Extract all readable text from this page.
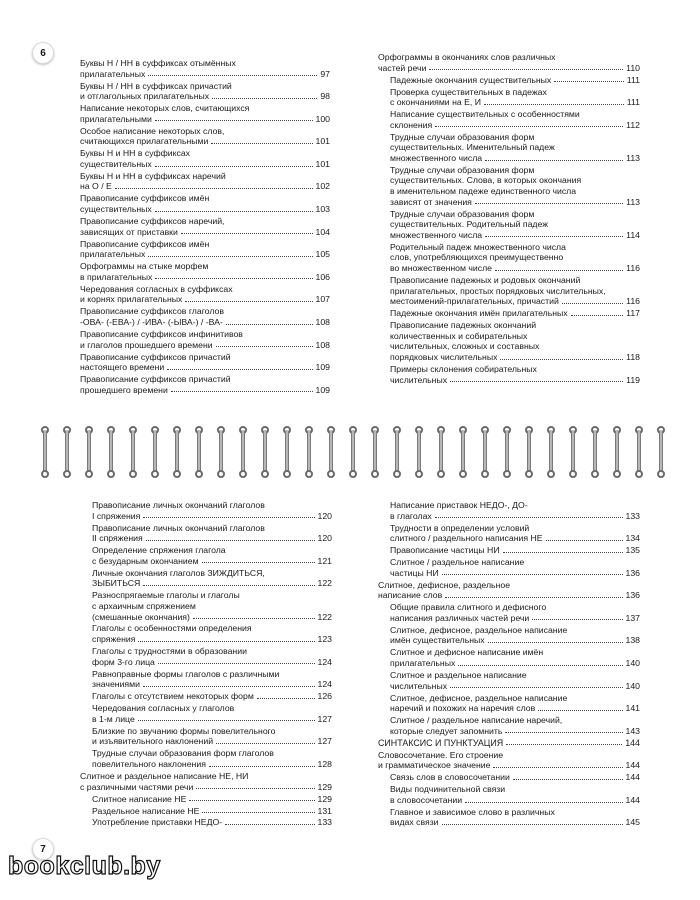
6
Буквы Н / НН в суффиксах отымённых
прилагательных	97
Буквы Н / НН в суффиксах причастий
и отглагольных прилагательных	98
Написание некоторых слов, считающихся
прилагательными	100
Особое написание некоторых слов,
считающихся прилагательными	101
Буквы Н и НН в суффиксах
существительных	101
Буквы Н и НН в суффиксах наречий
на О / Е	102
Правописание суффиксов имён
существительных	103
Правописание суффиксов наречий,
зависящих от приставки	104
Правописание суффиксов имён
прилагательных	105
Орфограммы на стыке морфем
в прилагательных	106
Чередования согласных в суффиксах
и корнях прилагательных	107
Правописание суффиксов глаголов
-ОВА- (-ЕВА-) / -ИВА- (-ЫВА-) / -ВА-	108
Правописание суффиксов инфинитивов
и глаголов прошедшего времени	108
Правописание суффиксов причастий
настоящего времени	109
Правописание суффиксов причастий
прошедшего времени	109
Орфограммы в окончаниях слов различных
частей речи	110
Падежные окончания существительных	111
Проверка существительных в падежах
с окончаниями на Е, И	111
Написание существительных с особенностями
склонения	112
Трудные случаи образования форм
существительных. Именительный падеж
множественного числа	113
Трудные случаи образования форм
существительных. Слова, в которых окончания
в именительном падеже единственного числа
зависят от значения	113
Трудные случаи образования форм
существительных. Родительный падеж
множественного числа	114
Родительный падеж множественного числа
слов, употребляющихся преимущественно
во множественном числе	116
Правописание падежных и родовых окончаний
прилагательных, простых порядковых числительных,
местоимений-прилагательных, причастий	116
Падежные окончания имён прилагательных	117
Правописание падежных окончаний
количественных и собирательных
числительных, сложных и составных
порядковых числительных	118
Примеры склонения собирательных
числительных	119
Правописание личных окончаний глаголов
I спряжения	120
Правописание личных окончаний глаголов
II спряжения	120
Определение спряжения глагола
с безударным окончанием	121
Личные окончания глаголов ЗИЖДИТЬСЯ,
ЗЫБИТЬСЯ	122
Разноспрягаемые глаголы и глаголы
с архаичным спряжением
(смешанные окончания)	122
Глаголы с особенностями определения
спряжения	123
Глаголы с трудностями в образовании
форм 3-го лица	124
Равноправные формы глаголов с различными
значениями	124
Глаголы с отсутствием некоторых форм	126
Чередования согласных у глаголов
в 1-м лице	127
Близкие по звучанию формы повелительного
и изъявительного наклонений	127
Трудные случаи образования форм глаголов
повелительного наклонения	128
Слитное и раздельное написание НЕ, НИ
с различными частями речи	129
Слитное написание НЕ	129
Раздельное написание НЕ	131
Употребление приставки НЕДО-	133
Написание приставок НЕДО-, ДО-
в глаголах	133
Трудности в определении условий
слитного / раздельного написания НЕ	134
Правописание частицы НИ	135
Слитное / раздельное написание
частицы НИ	136
Слитное, дефисное, раздельное
написание слов	136
Общие правила слитного и дефисного
написания различных частей речи	137
Слитное, дефисное, раздельное написание
имён существительных	138
Слитное и дефисное написание имён
прилагательных	140
Слитное и раздельное написание
числительных	140
Слитное, дефисное, раздельное написание
наречий и похожих на наречия слов	141
Слитное / раздельное написание наречий,
которые следует запомнить	143
СИНТАКСИС И ПУНКТУАЦИЯ	144
Словосочетание. Его строение
и грамматическое значение	144
Связь слов в словосочетании	144
Виды подчинительной связи
в словосочетании	144
Главное и зависимое слово в различных
видах связи	145
7
bookclub.by
